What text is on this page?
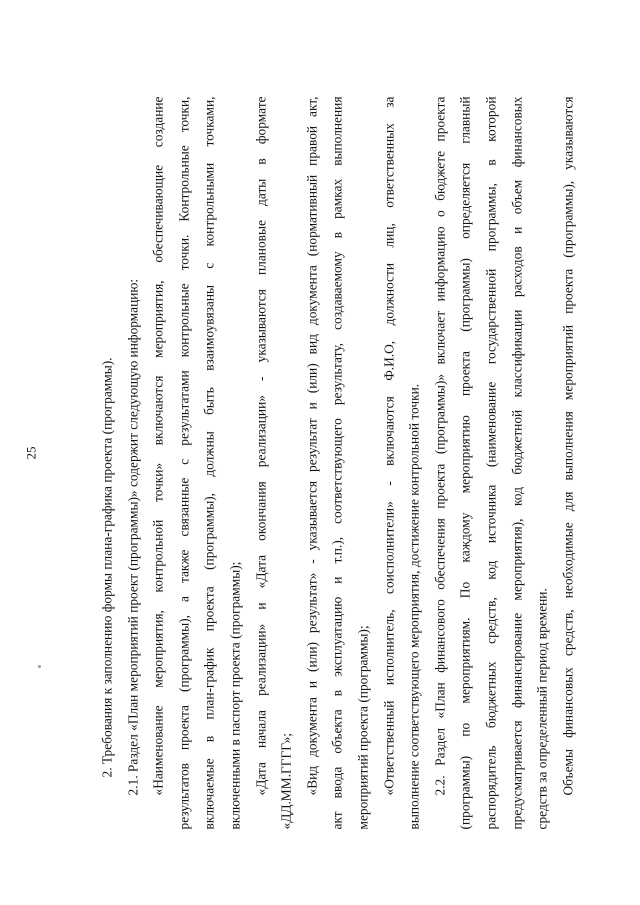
25	2. Требования к заполнению формы плана-графика проекта (программы). 2.1. Раздел «План мероприятий проект (программы)» содержит следующую информацию: «Наименование мероприятия, контрольной точки» включаются мероприятия, обеспечивающие создание результатов проекта (программы), а также связанные с результатами контрольные точки. Контрольные точки, включаемые в план-график проекта (программы), должны быть взаимоувязаны с контрольными точками, включенными в паспорт проекта (программы); «Дата начала реализации» и «Дата окончания реализации» - указываются плановые даты в формате «ДД.ММ.ГГГГ»; «Вид документа и (или) результат» - указывается результат и (или) вид документа (нормативный правой акт, акт ввода объекта в эксплуатацию и т.п.), соответствующего результату, создаваемому в рамках выполнения мероприятий проекта (программы); «Ответственный исполнитель, соисполнители» - включаются Ф.И.О, должности лиц, ответственных за выполнение соответствующего мероприятия, достижение контрольной точки. 2.2. Раздел «План финансового обеспечения проекта (программы)» включает информацию о бюджете проекта (программы) по мероприятиям. По каждому мероприятию проекта (программы) определяется главный распорядитель бюджетных средств, код источника (наименование государственной программы, в которой предусматривается финансирование мероприятия), код бюджетной классификации расходов и объем финансовых средств за определенный период времени. Объемы финансовых средств, необходимые для выполнения мероприятий проекта (программы), указываются
